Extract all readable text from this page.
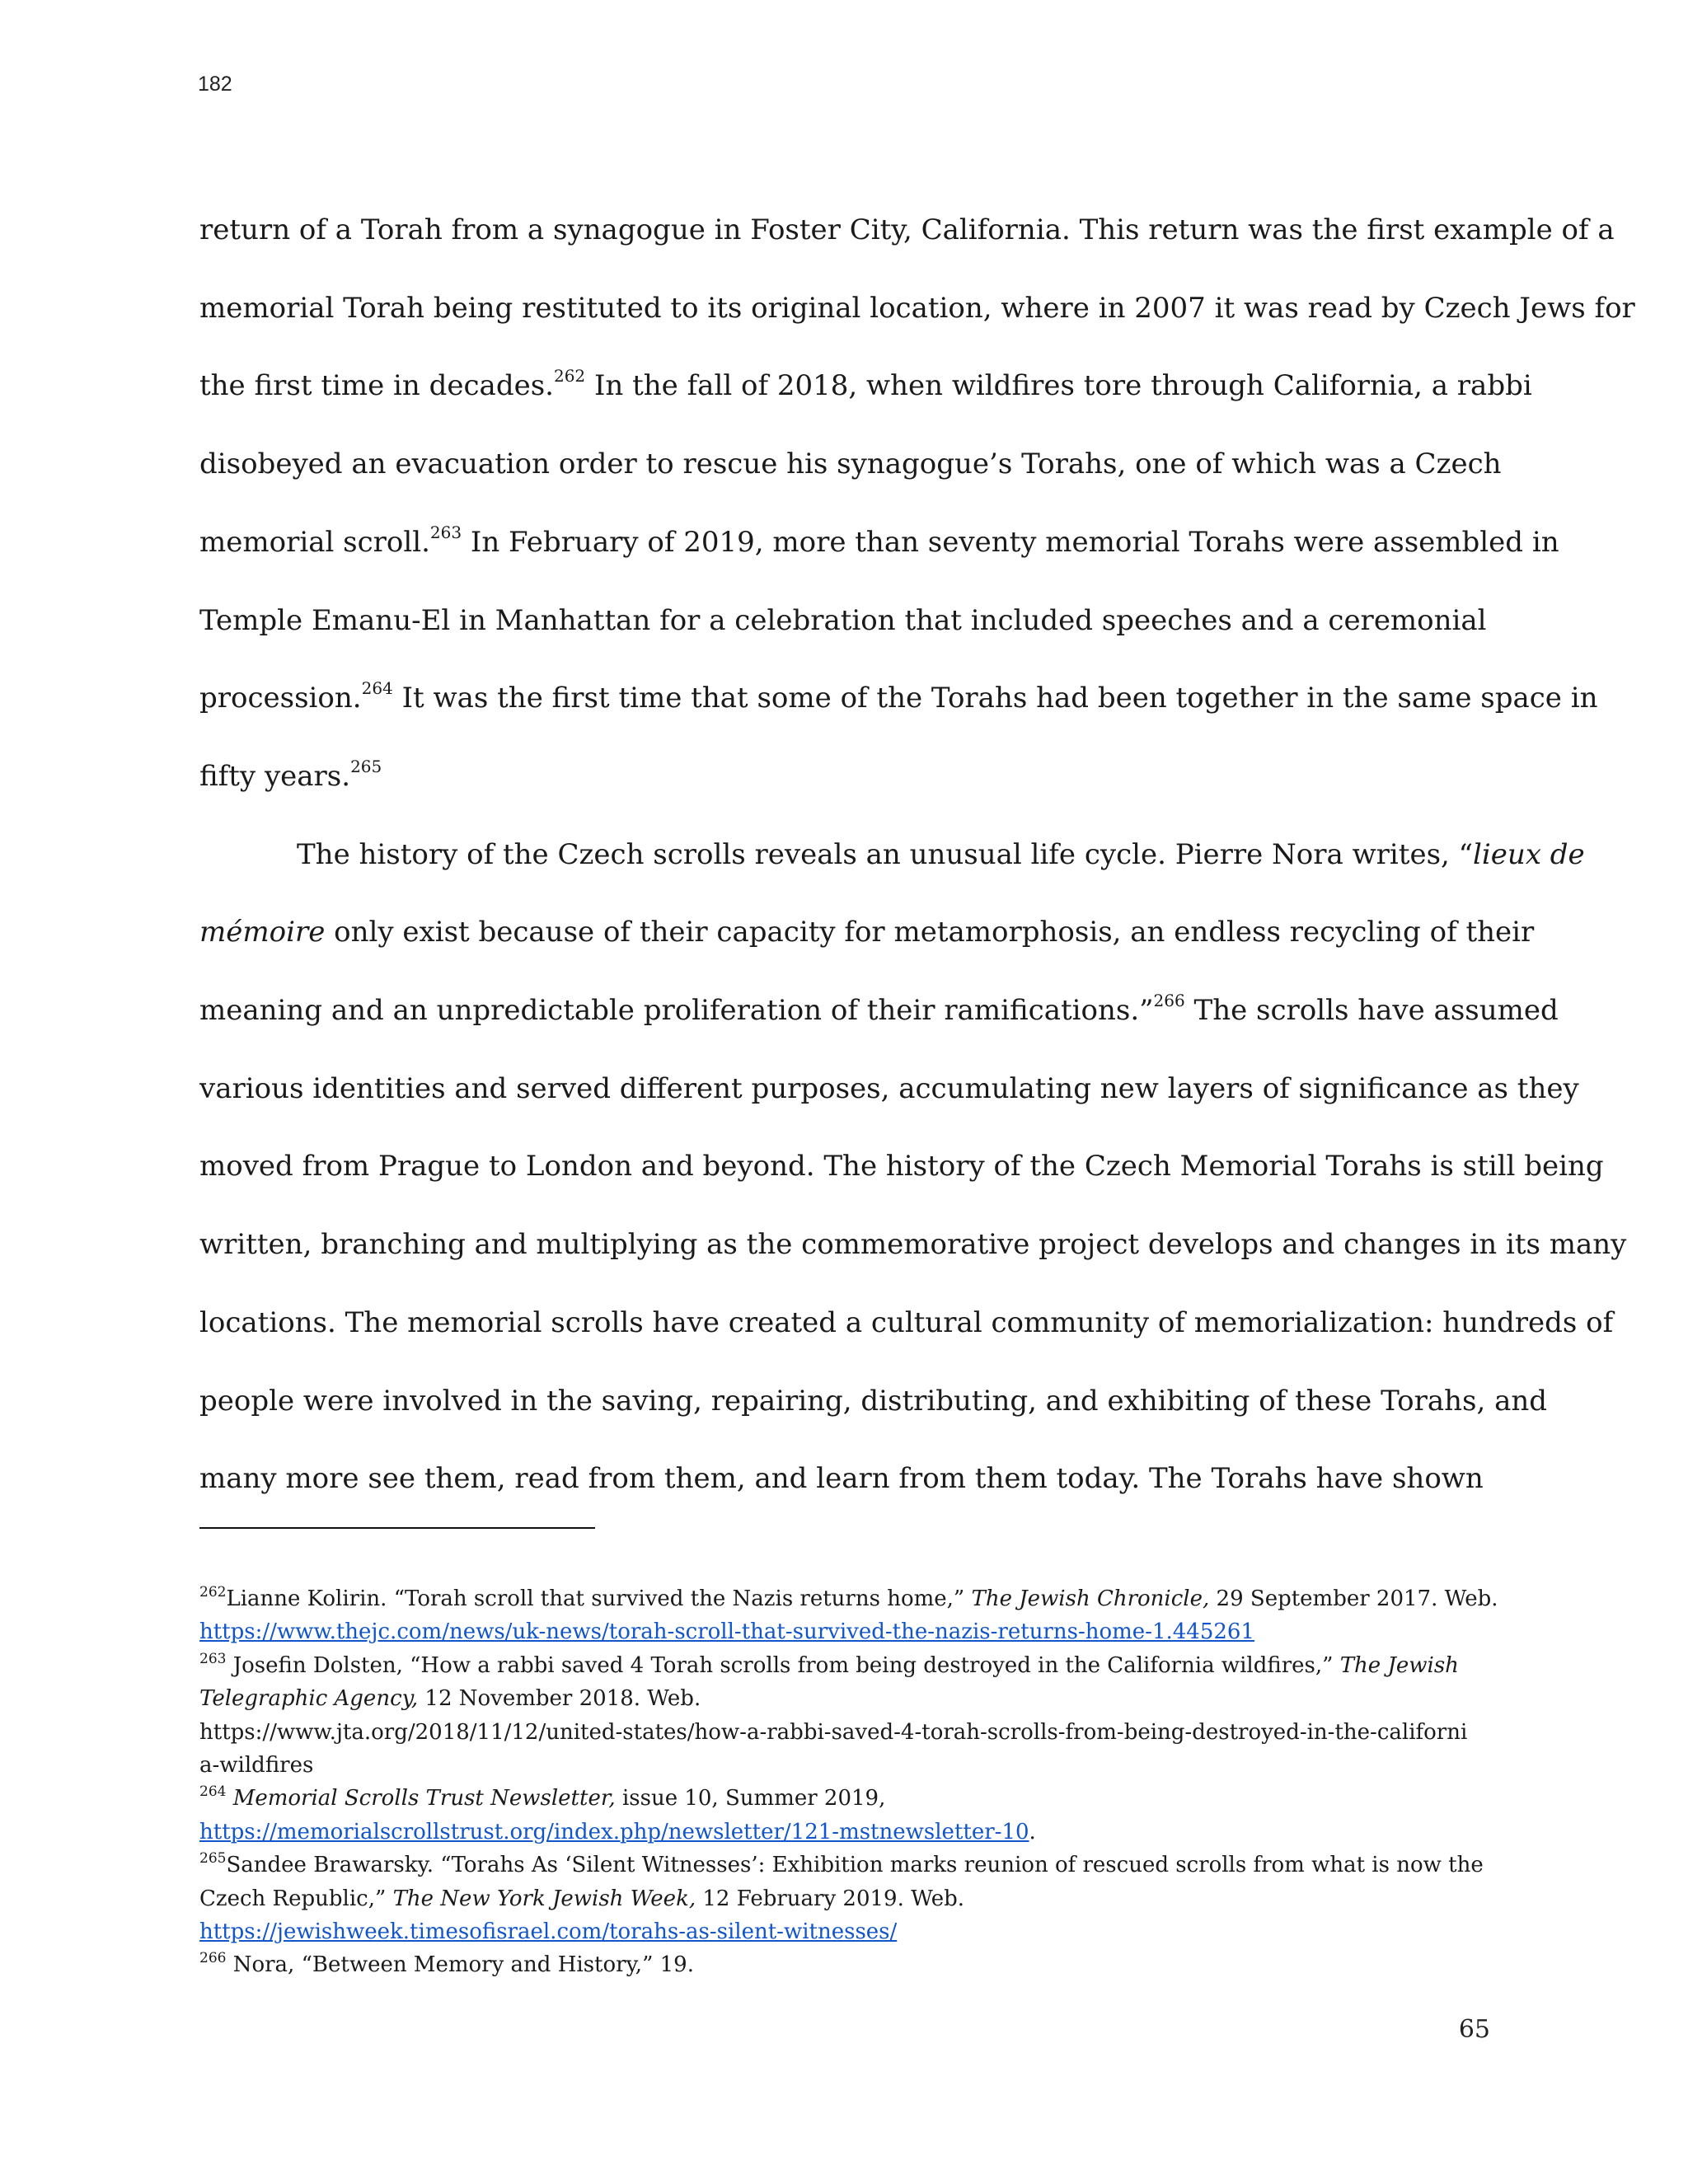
182

return of a Torah from a synagogue in Foster City, California. This return was the first example of a
memorial Torah being restituted to its original location, where in 2007 it was read by Czech Jews for
the first time in decades.$^{262}$ In the fall of 2018, when wildfires tore through California, a rabbi
disobeyed an evacuation order to rescue his synagogue’s Torahs, one of which was a Czech
memorial scroll.$^{263}$ In February of 2019, more than seventy memorial Torahs were assembled in
Temple Emanu-El in Manhattan for a celebration that included speeches and a ceremonial
procession.$^{264}$ It was the first time that some of the Torahs had been together in the same space in
fifty years.$^{265}$

The history of the Czech scrolls reveals an unusual life cycle. Pierre Nora writes, “lieux de
mémoire only exist because of their capacity for metamorphosis, an endless recycling of their
meaning and an unpredictable proliferation of their ramifications.”$^{266}$ The scrolls have assumed
various identities and served different purposes, accumulating new layers of significance as they
moved from Prague to London and beyond. The history of the Czech Memorial Torahs is still being
written, branching and multiplying as the commemorative project develops and changes in its many
locations. The memorial scrolls have created a cultural community of memorialization: hundreds of
people were involved in the saving, repairing, distributing, and exhibiting of these Torahs, and
many more see them, read from them, and learn from them today. The Torahs have shown

$^{262}$Lianne Kolirin. “Torah scroll that survived the Nazis returns home,” The Jewish Chronicle, 29 September 2017. Web.
https://www.thejc.com/news/uk-news/torah-scroll-that-survived-the-nazis-returns-home-1.445261
$^{263}$ Josefin Dolsten, “How a rabbi saved 4 Torah scrolls from being destroyed in the California wildfires,” The Jewish
Telegraphic Agency, 12 November 2018. Web.
https://www.jta.org/2018/11/12/united-states/how-a-rabbi-saved-4-torah-scrolls-from-being-destroyed-in-the-californi
a-wildfires
$^{264}$ Memorial Scrolls Trust Newsletter, issue 10, Summer 2019,
https://memorialscrollstrust.org/index.php/newsletter/121-mstnewsletter-10.
$^{265}$Sandee Brawarsky. “Torahs As ‘Silent Witnesses’: Exhibition marks reunion of rescued scrolls from what is now the
Czech Republic,” The New York Jewish Week, 12 February 2019. Web.
https://jewishweek.timesofisrael.com/torahs-as-silent-witnesses/
$^{266}$ Nora, “Between Memory and History,” 19.
65
